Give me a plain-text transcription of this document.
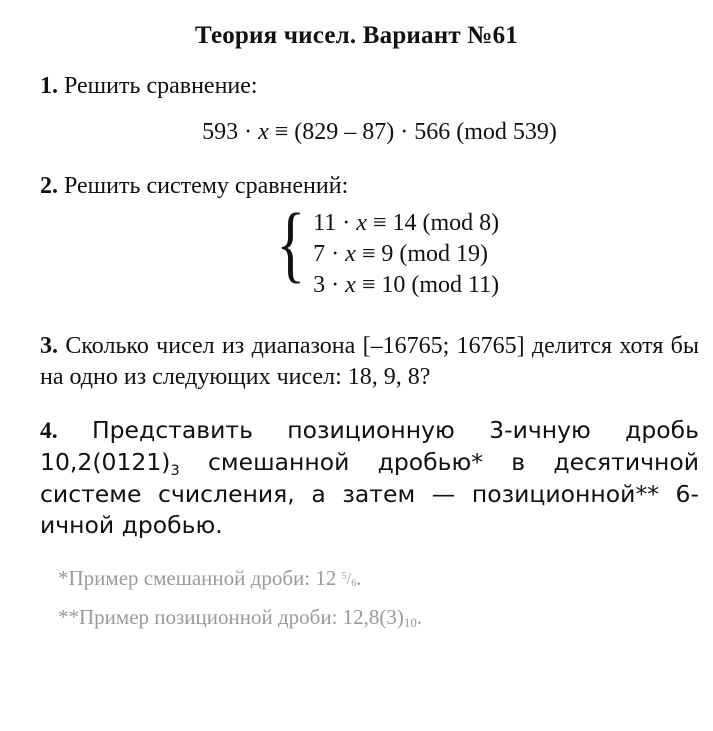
Теория чисел. Вариант №61
1. Решить сравнение:
593 · x ≡ (829 – 87) · 566 (mod 539)
2. Решить систему сравнений:
{ 11 · x ≡ 14 (mod 8)
7 · x ≡ 9 (mod 19)
3 · x ≡ 10 (mod 11)
3. Сколько чисел из диапазона [–16765; 16765] делится хотя бы на одно из следующих чисел: 18, 9, 8?
4. Представить позиционную 3-ичную дробь $10,2(0121)_3$ смешанной дробью* в десятичной системе счисления, а затем — позиционной** 6-ичной дробью.
*Пример смешанной дроби: 12 $^5/_6$.
**Пример позиционной дроби: $12,8(3)_{10}$.
